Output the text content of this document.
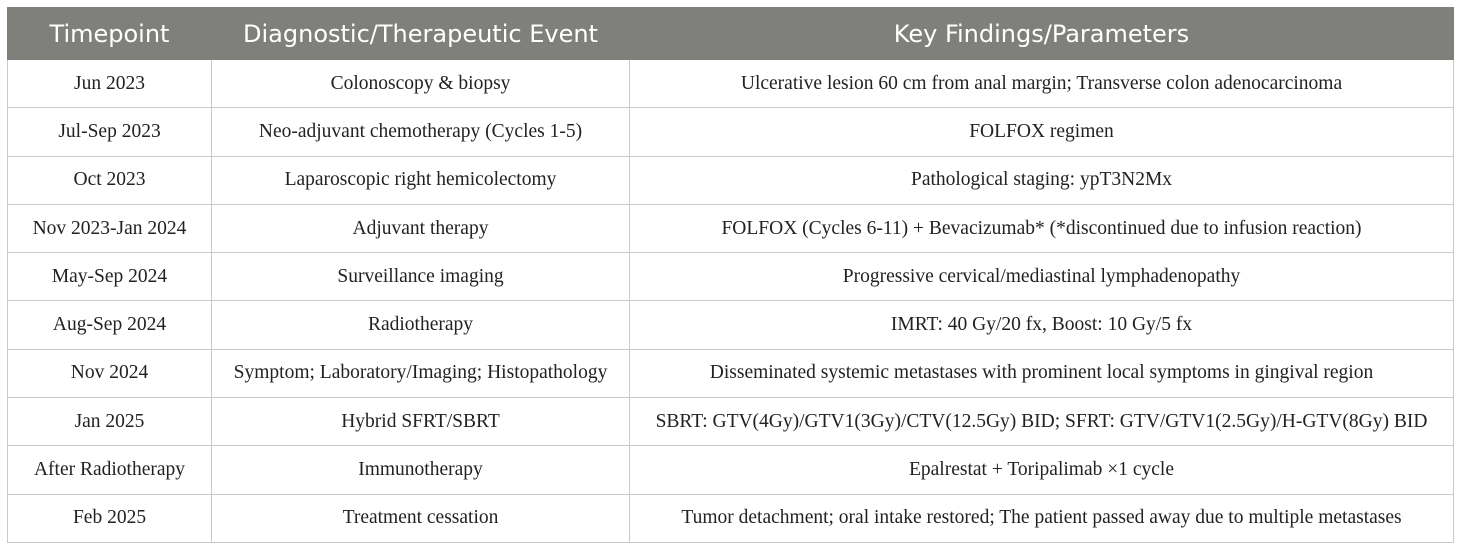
Timepoint	Diagnostic/Therapeutic Event	Key Findings/Parameters
Jun 2023	Colonoscopy & biopsy	Ulcerative lesion 60 cm from anal margin; Transverse colon adenocarcinoma
Jul-Sep 2023	Neo-adjuvant chemotherapy (Cycles 1-5)	FOLFOX regimen
Oct 2023	Laparoscopic right hemicolectomy	Pathological staging: ypT3N2Mx
Nov 2023-Jan 2024	Adjuvant therapy	FOLFOX (Cycles 6-11) + Bevacizumab* (*discontinued due to infusion reaction)
May-Sep 2024	Surveillance imaging	Progressive cervical/mediastinal lymphadenopathy
Aug-Sep 2024	Radiotherapy	IMRT: 40 Gy/20 fx, Boost: 10 Gy/5 fx
Nov 2024	Symptom; Laboratory/Imaging; Histopathology	Disseminated systemic metastases with prominent local symptoms in gingival region
Jan 2025	Hybrid SFRT/SBRT	SBRT: GTV(4Gy)/GTV1(3Gy)/CTV(12.5Gy) BID; SFRT: GTV/GTV1(2.5Gy)/H-GTV(8Gy) BID
After Radiotherapy	Immunotherapy	Epalrestat + Toripalimab ×1 cycle
Feb 2025	Treatment cessation	Tumor detachment; oral intake restored; The patient passed away due to multiple metastases
